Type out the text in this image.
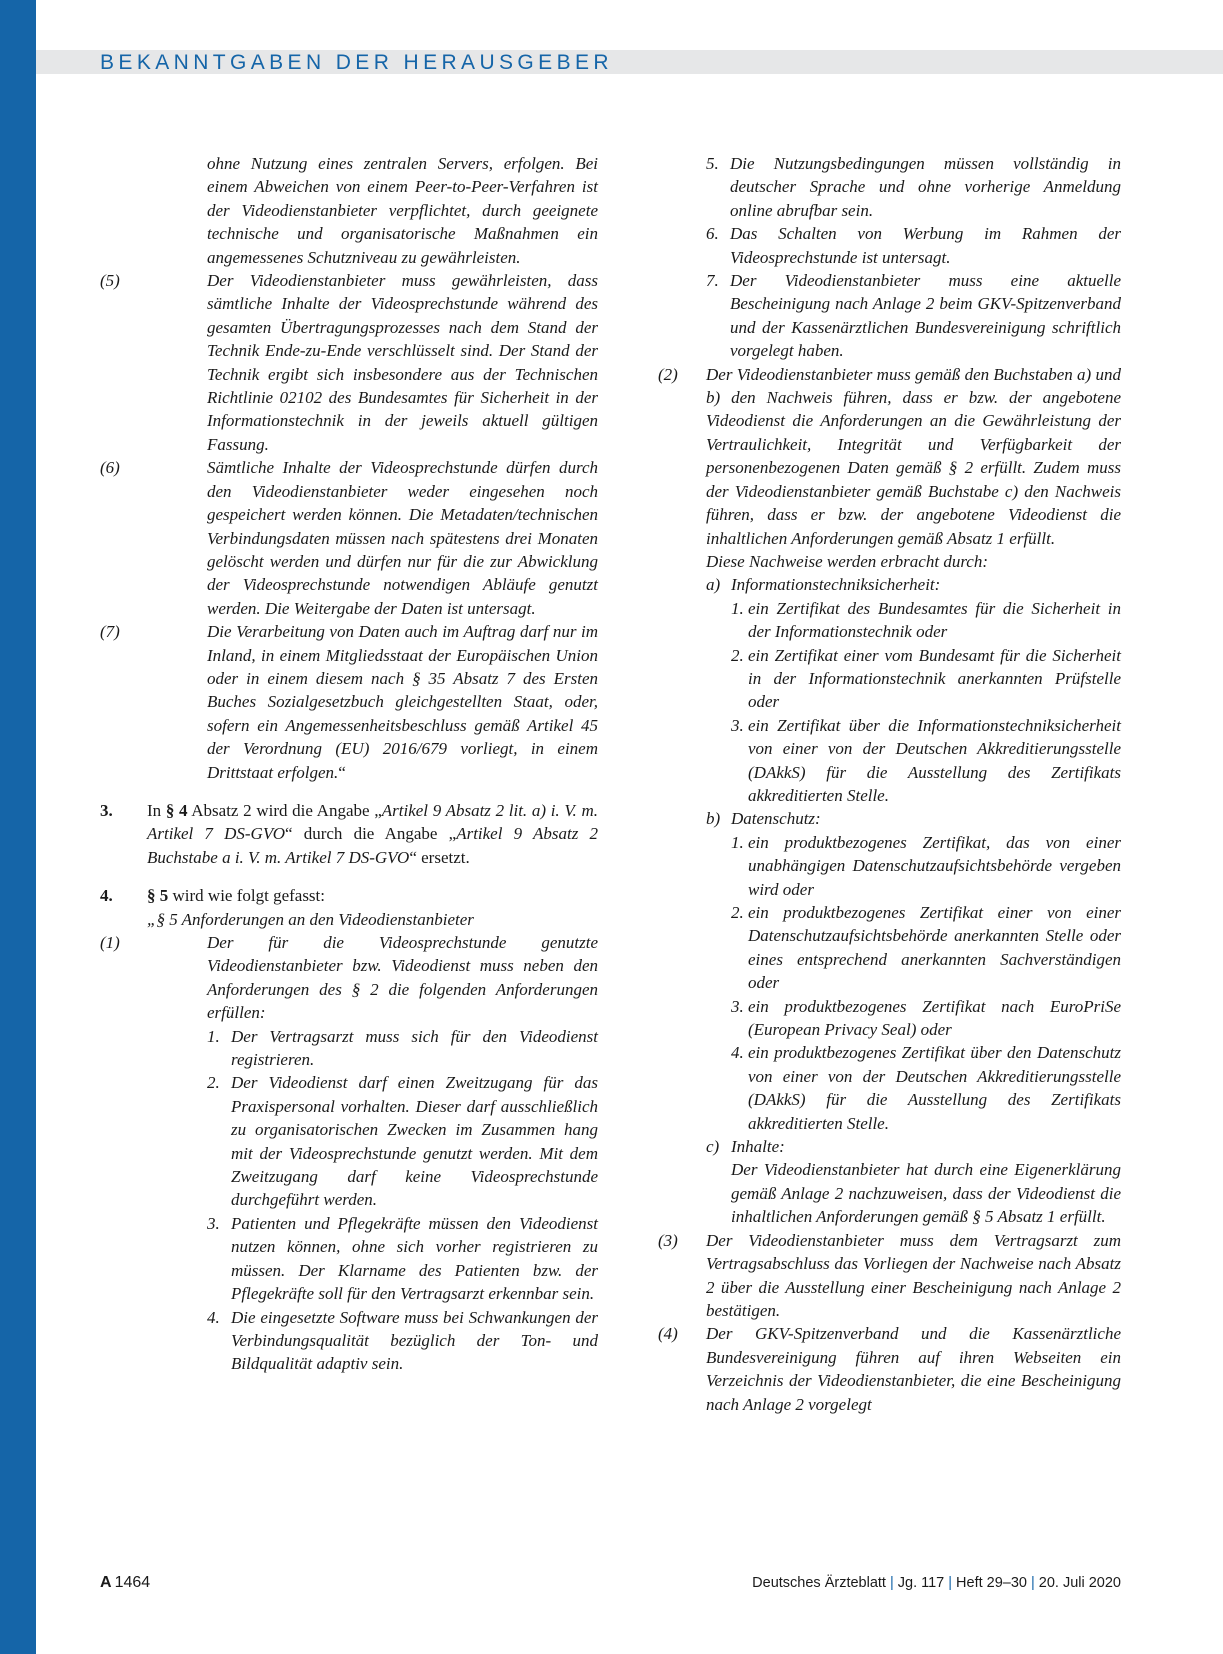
BEKANNTGABEN DER HERAUSGEBER

ohne Nutzung eines zentralen Servers, erfolgen. Bei einem Abweichen von einem Peer-to-Peer-Verfahren ist der Videodienstanbieter verpflichtet, durch geeignete technische und organisatorische Maßnahmen ein angemessenes Schutzniveau zu gewährleisten.

(5)	Der Videodienstanbieter muss gewährleisten, dass sämtliche Inhalte der Videosprechstunde während des gesamten Übertragungsprozesses nach dem Stand der Technik Ende-zu-Ende verschlüsselt sind. Der Stand der Technik ergibt sich insbesondere aus der Technischen Richtlinie 02102 des Bundesamtes für Sicherheit in der Informationstechnik in der jeweils aktuell gültigen Fassung.

(6)	Sämtliche Inhalte der Videosprechstunde dürfen durch den Videodienstanbieter weder eingesehen noch gespeichert werden können. Die Metadaten/technischen Verbindungsdaten müssen nach spätestens drei Monaten gelöscht werden und dürfen nur für die zur Abwicklung der Videosprechstunde notwendigen Abläufe genutzt werden. Die Weitergabe der Daten ist untersagt.

(7)	Die Verarbeitung von Daten auch im Auftrag darf nur im Inland, in einem Mitgliedsstaat der Europäischen Union oder in einem diesem nach § 35 Absatz 7 des Ersten Buches Sozialgesetzbuch gleichgestellten Staat, oder, sofern ein Angemessenheitsbeschluss gemäß Artikel 45 der Verordnung (EU) 2016/679 vorliegt, in einem Drittstaat erfolgen.“

3. In § 4 Absatz 2 wird die Angabe „Artikel 9 Absatz 2 lit. a) i. V. m. Artikel 7 DS-GVO“ durch die Angabe „Artikel 9 Absatz 2 Buchstabe a i. V. m. Artikel 7 DS-GVO“ ersetzt.

4. § 5 wird wie folgt gefasst:

„§ 5 Anforderungen an den Videodienstanbieter

(1)	Der für die Videosprechstunde genutzte Videodienstanbieter bzw. Videodienst muss neben den Anforderungen des § 2 die folgenden Anforderungen erfüllen:

1. Der Vertragsarzt muss sich für den Videodienst registrieren.

2. Der Videodienst darf einen Zweitzugang für das Praxispersonal vorhalten. Dieser darf ausschließlich zu organisatorischen Zwecken im Zusammen hang mit der Videosprechstunde genutzt werden. Mit dem Zweitzugang darf keine Videosprechstunde durchgeführt werden.

3. Patienten und Pflegekräfte müssen den Videodienst nutzen können, ohne sich vorher registrieren zu müssen. Der Klarname des Patienten bzw. der Pflegekräfte soll für den Vertragsarzt erkennbar sein.

4. Die eingesetzte Software muss bei Schwankungen der Verbindungsqualität bezüglich der Ton- und Bildqualität adaptiv sein.

5. Die Nutzungsbedingungen müssen vollständig in deutscher Sprache und ohne vorherige Anmeldung online abrufbar sein.

6. Das Schalten von Werbung im Rahmen der Videosprechstunde ist untersagt.

7. Der Videodienstanbieter muss eine aktuelle Bescheinigung nach Anlage 2 beim GKV-Spitzenverband und der Kassenärztlichen Bundesvereinigung schriftlich vorgelegt haben.

(2) Der Videodienstanbieter muss gemäß den Buchstaben a) und b) den Nachweis führen, dass er bzw. der angebotene Videodienst die Anforderungen an die Gewährleistung der Vertraulichkeit, Integrität und Verfügbarkeit der personenbezogenen Daten gemäß § 2 erfüllt. Zudem muss der Videodienstanbieter gemäß Buchstabe c) den Nachweis führen, dass er bzw. der angebotene Videodienst die inhaltlichen Anforderungen gemäß Absatz 1 erfüllt.

Diese Nachweise werden erbracht durch:

a) Informationstechniksicherheit:

1. ein Zertifikat des Bundesamtes für die Sicherheit in der Informationstechnik oder

2. ein Zertifikat einer vom Bundesamt für die Sicherheit in der Informationstechnik anerkannten Prüfstelle oder

3. ein Zertifikat über die Informationstechniksicherheit von einer von der Deutschen Akkreditierungsstelle (DAkkS) für die Ausstellung des Zertifikats akkreditierten Stelle.

b) Datenschutz:

1. ein produktbezogenes Zertifikat, das von einer unabhängigen Datenschutzaufsichtsbehörde vergeben wird oder

2. ein produktbezogenes Zertifikat einer von einer Datenschutzaufsichtsbehörde anerkannten Stelle oder eines entsprechend anerkannten Sachverständigen oder

3. ein produktbezogenes Zertifikat nach EuroPriSe (European Privacy Seal) oder

4. ein produktbezogenes Zertifikat über den Datenschutz von einer von der Deutschen Akkreditierungsstelle (DAkkS) für die Ausstellung des Zertifikats akkreditierten Stelle.

c) Inhalte:

Der Videodienstanbieter hat durch eine Eigenerklärung gemäß Anlage 2 nachzuweisen, dass der Videodienst die inhaltlichen Anforderungen gemäß § 5 Absatz 1 erfüllt.

(3) Der Videodienstanbieter muss dem Vertragsarzt zum Vertragsabschluss das Vorliegen der Nachweise nach Absatz 2 über die Ausstellung einer Bescheinigung nach Anlage 2 bestätigen.

(4) Der GKV-Spitzenverband und die Kassenärztliche Bundesvereinigung führen auf ihren Webseiten ein Verzeichnis der Videodienstanbieter, die eine Bescheinigung nach Anlage 2 vorgelegt

A 1464	Deutsches Ärzteblatt | Jg. 117 | Heft 29–30 | 20. Juli 2020
